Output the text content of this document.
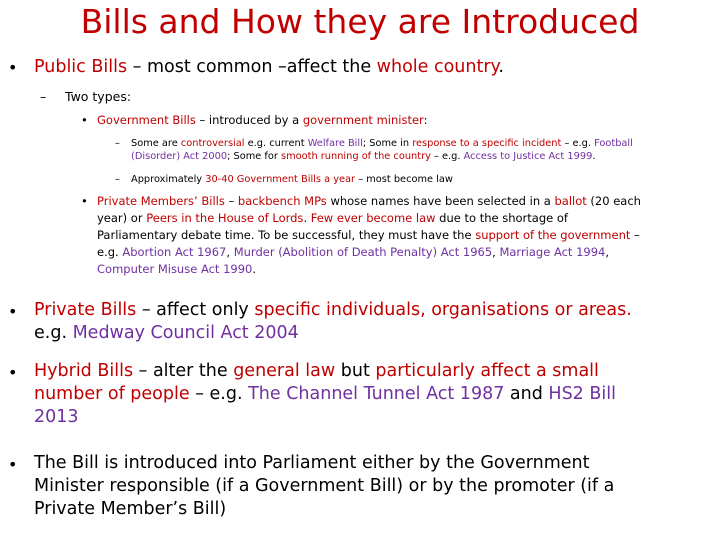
Bills and How they are Introduced
• Public Bills – most common –affect the whole country.
– Two types:
• Government Bills – introduced by a government minister:
– Some are controversial e.g. current Welfare Bill; Some in response to a specific incident – e.g. Football
(Disorder) Act 2000; Some for smooth running of the country – e.g. Access to Justice Act 1999.
– Approximately 30-40 Government Bills a year – most become law
• Private Members’ Bills – backbench MPs whose names have been selected in a ballot (20 each
year) or Peers in the House of Lords. Few ever become law due to the shortage of
Parliamentary debate time. To be successful, they must have the support of the government –
e.g. Abortion Act 1967, Murder (Abolition of Death Penalty) Act 1965, Marriage Act 1994,
Computer Misuse Act 1990.
• Private Bills – affect only specific individuals, organisations or areas.
e.g. Medway Council Act 2004
• Hybrid Bills – alter the general law but particularly affect a small
number of people – e.g. The Channel Tunnel Act 1987 and HS2 Bill
2013
• The Bill is introduced into Parliament either by the Government
Minister responsible (if a Government Bill) or by the promoter (if a
Private Member’s Bill)
